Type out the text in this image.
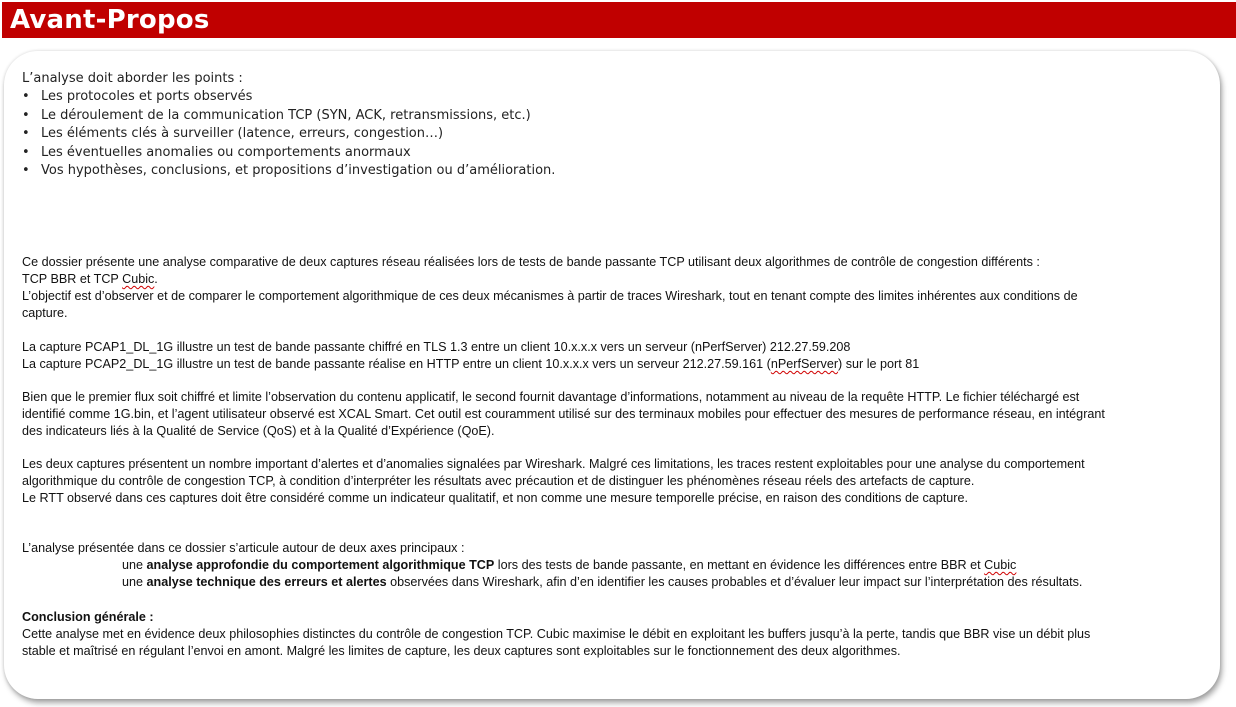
Avant-Propos
L’analyse doit aborder les points :
• Les protocoles et ports observés
• Le déroulement de la communication TCP (SYN, ACK, retransmissions, etc.)
• Les éléments clés à surveiller (latence, erreurs, congestion…)
• Les éventuelles anomalies ou comportements anormaux
• Vos hypothèses, conclusions, et propositions d’investigation ou d’amélioration.
Ce dossier présente une analyse comparative de deux captures réseau réalisées lors de tests de bande passante TCP utilisant deux algorithmes de contrôle de congestion différents :
TCP BBR et TCP Cubic.
L’objectif est d’observer et de comparer le comportement algorithmique de ces deux mécanismes à partir de traces Wireshark, tout en tenant compte des limites inhérentes aux conditions de
capture.
La capture PCAP1_DL_1G illustre un test de bande passante chiffré en TLS 1.3 entre un client 10.x.x.x vers un serveur (nPerfServer) 212.27.59.208
La capture PCAP2_DL_1G illustre un test de bande passante réalise en HTTP entre un client 10.x.x.x vers un serveur 212.27.59.161 (nPerfServer) sur le port 81
Bien que le premier flux soit chiffré et limite l’observation du contenu applicatif, le second fournit davantage d’informations, notamment au niveau de la requête HTTP. Le fichier téléchargé est
identifié comme 1G.bin, et l’agent utilisateur observé est XCAL Smart. Cet outil est couramment utilisé sur des terminaux mobiles pour effectuer des mesures de performance réseau, en intégrant
des indicateurs liés à la Qualité de Service (QoS) et à la Qualité d’Expérience (QoE).
Les deux captures présentent un nombre important d’alertes et d’anomalies signalées par Wireshark. Malgré ces limitations, les traces restent exploitables pour une analyse du comportement
algorithmique du contrôle de congestion TCP, à condition d’interpréter les résultats avec précaution et de distinguer les phénomènes réseau réels des artefacts de capture.
Le RTT observé dans ces captures doit être considéré comme un indicateur qualitatif, et non comme une mesure temporelle précise, en raison des conditions de capture.
L’analyse présentée dans ce dossier s’articule autour de deux axes principaux :
une analyse approfondie du comportement algorithmique TCP lors des tests de bande passante, en mettant en évidence les différences entre BBR et Cubic
une analyse technique des erreurs et alertes observées dans Wireshark, afin d’en identifier les causes probables et d’évaluer leur impact sur l’interprétation des résultats.
Conclusion générale :
Cette analyse met en évidence deux philosophies distinctes du contrôle de congestion TCP. Cubic maximise le débit en exploitant les buffers jusqu’à la perte, tandis que BBR vise un débit plus
stable et maîtrisé en régulant l’envoi en amont. Malgré les limites de capture, les deux captures sont exploitables sur le fonctionnement des deux algorithmes.
